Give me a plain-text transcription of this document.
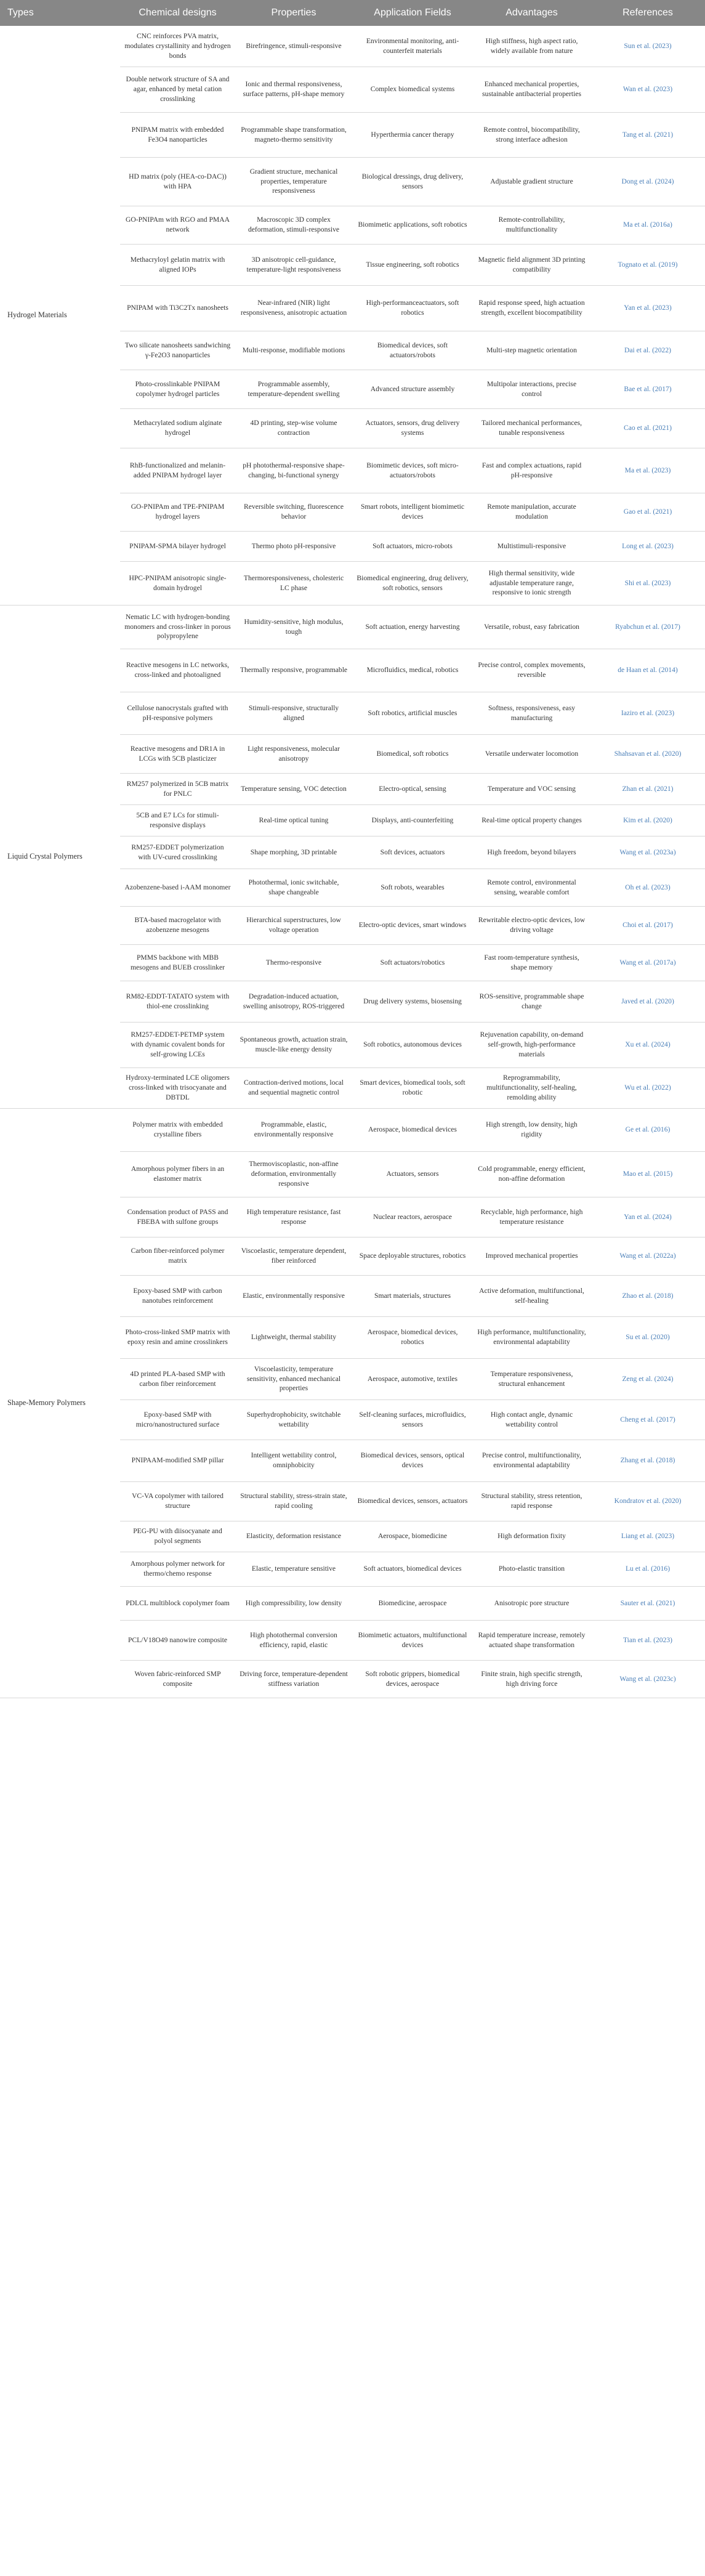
Types	Chemical designs	Properties	Application Fields	Advantages	References
Hydrogel Materials	CNC reinforces PVA matrix, modulates crystallinity and hydrogen bonds	Birefringence, stimuli-responsive	Environmental monitoring, anti-counterfeit materials	High stiffness, high aspect ratio, widely available from nature	Sun et al. (2023)
	Double network structure of SA and agar, enhanced by metal cation crosslinking	Ionic and thermal responsiveness, surface patterns, pH-shape memory	Complex biomedical systems	Enhanced mechanical properties, sustainable antibacterial properties	Wan et al. (2023)
	PNIPAM matrix with embedded Fe3O4 nanoparticles	Programmable shape transformation, magneto-thermo sensitivity	Hyperthermia cancer therapy	Remote control, biocompatibility, strong interface adhesion	Tang et al. (2021)
	HD matrix (poly (HEA-co-DAC)) with HPA	Gradient structure, mechanical properties, temperature responsiveness	Biological dressings, drug delivery, sensors	Adjustable gradient structure	Dong et al. (2024)
	GO-PNIPAm with RGO and PMAA network	Macroscopic 3D complex deformation, stimuli-responsive	Biomimetic applications, soft robotics	Remote-controllability, multifunctionality	Ma et al. (2016a)
	Methacryloyl gelatin matrix with aligned IOPs	3D anisotropic cell-guidance, temperature-light responsiveness	Tissue engineering, soft robotics	Magnetic field alignment 3D printing compatibility	Tognato et al. (2019)
	PNIPAM with Ti3C2Tx nanosheets	Near-infrared (NIR) light responsiveness, anisotropic actuation	High-performanceactuators, soft robotics	Rapid response speed, high actuation strength, excellent biocompatibility	Yan et al. (2023)
	Two silicate nanosheets sandwiching γ-Fe2O3 nanoparticles	Multi-response, modifiable motions	Biomedical devices, soft actuators/robots	Multi-step magnetic orientation	Dai et al. (2022)
	Photo-crosslinkable PNIPAM copolymer hydrogel particles	Programmable assembly, temperature-dependent swelling	Advanced structure assembly	Multipolar interactions, precise control	Bae et al. (2017)
	Methacrylated sodium alginate hydrogel	4D printing, step-wise volume contraction	Actuators, sensors, drug delivery systems	Tailored mechanical performances, tunable responsiveness	Cao et al. (2021)
	RhB-functionalized and melanin-added PNIPAM hydrogel layer	pH photothermal-responsive shape-changing, bi-functional synergy	Biomimetic devices, soft micro-actuators/robots	Fast and complex actuations, rapid pH-responsive	Ma et al. (2023)
	GO-PNIPAm and TPE-PNIPAM hydrogel layers	Reversible switching, fluorescence behavior	Smart robots, intelligent biomimetic devices	Remote manipulation, accurate modulation	Gao et al. (2021)
	PNIPAM-SPMA bilayer hydrogel	Thermo photo pH-responsive	Soft actuators, micro-robots	Multistimuli-responsive	Long et al. (2023)
	HPC-PNIPAM anisotropic single-domain hydrogel	Thermoresponsiveness, cholesteric LC phase	Biomedical engineering, drug delivery, soft robotics, sensors	High thermal sensitivity, wide adjustable temperature range, responsive to ionic strength	Shi et al. (2023)
Liquid Crystal Polymers	Nematic LC with hydrogen-bonding monomers and cross-linker in porous polypropylene	Humidity-sensitive, high modulus, tough	Soft actuation, energy harvesting	Versatile, robust, easy fabrication	Ryabchun et al. (2017)
	Reactive mesogens in LC networks, cross-linked and photoaligned	Thermally responsive, programmable	Microfluidics, medical, robotics	Precise control, complex movements, reversible	de Haan et al. (2014)
	Cellulose nanocrystals grafted with pH-responsive polymers	Stimuli-responsive, structurally aligned	Soft robotics, artificial muscles	Softness, responsiveness, easy manufacturing	Iaziro et al. (2023)
	Reactive mesogens and DR1A in LCGs with 5CB plasticizer	Light responsiveness, molecular anisotropy	Biomedical, soft robotics	Versatile underwater locomotion	Shahsavan et al. (2020)
	RM257 polymerized in 5CB matrix for PNLC	Temperature sensing, VOC detection	Electro-optical, sensing	Temperature and VOC sensing	Zhan et al. (2021)
	5CB and E7 LCs for stimuli-responsive displays	Real-time optical tuning	Displays, anti-counterfeiting	Real-time optical property changes	Kim et al. (2020)
	RM257-EDDET polymerization with UV-cured crosslinking	Shape morphing, 3D printable	Soft devices, actuators	High freedom, beyond bilayers	Wang et al. (2023a)
	Azobenzene-based i-AAM monomer	Photothermal, ionic switchable, shape changeable	Soft robots, wearables	Remote control, environmental sensing, wearable comfort	Oh et al. (2023)
	BTA-based macrogelator with azobenzene mesogens	Hierarchical superstructures, low voltage operation	Electro-optic devices, smart windows	Rewritable electro-optic devices, low driving voltage	Choi et al. (2017)
	PMMS backbone with MBB mesogens and BUEB crosslinker	Thermo-responsive	Soft actuators/robotics	Fast room-temperature synthesis, shape memory	Wang et al. (2017a)
	RM82-EDDT-TATATO system with thiol-ene crosslinking	Degradation-induced actuation, swelling anisotropy, ROS-triggered	Drug delivery systems, biosensing	ROS-sensitive, programmable shape change	Javed et al. (2020)
	RM257-EDDET-PETMP system with dynamic covalent bonds for self-growing LCEs	Spontaneous growth, actuation strain, muscle-like energy density	Soft robotics, autonomous devices	Rejuvenation capability, on-demand self-growth, high-performance materials	Xu et al. (2024)
	Hydroxy-terminated LCE oligomers cross-linked with trisocyanate and DBTDL	Contraction-derived motions, local and sequential magnetic control	Smart devices, biomedical tools, soft robotic	Reprogrammability, multifunctionality, self-healing, remolding ability	Wu et al. (2022)
Shape-Memory Polymers	Polymer matrix with embedded crystalline fibers	Programmable, elastic, environmentally responsive	Aerospace, biomedical devices	High strength, low density, high rigidity	Ge et al. (2016)
	Amorphous polymer fibers in an elastomer matrix	Thermoviscoplastic, non-affine deformation, environmentally responsive	Actuators, sensors	Cold programmable, energy efficient, non-affine deformation	Mao et al. (2015)
	Condensation product of PASS and FBEBA with sulfone groups	High temperature resistance, fast response	Nuclear reactors, aerospace	Recyclable, high performance, high temperature resistance	Yan et al. (2024)
	Carbon fiber-reinforced polymer matrix	Viscoelastic, temperature dependent, fiber reinforced	Space deployable structures, robotics	Improved mechanical properties	Wang et al. (2022a)
	Epoxy-based SMP with carbon nanotubes reinforcement	Elastic, environmentally responsive	Smart materials, structures	Active deformation, multifunctional, self-healing	Zhao et al. (2018)
	Photo-cross-linked SMP matrix with epoxy resin and amine crosslinkers	Lightweight, thermal stability	Aerospace, biomedical devices, robotics	High performance, multifunctionality, environmental adaptability	Su et al. (2020)
	4D printed PLA-based SMP with carbon fiber reinforcement	Viscoelasticity, temperature sensitivity, enhanced mechanical properties	Aerospace, automotive, textiles	Temperature responsiveness, structural enhancement	Zeng et al. (2024)
	Epoxy-based SMP with micro/nanostructured surface	Superhydrophobicity, switchable wettability	Self-cleaning surfaces, microfluidics, sensors	High contact angle, dynamic wettability control	Cheng et al. (2017)
	PNIPAAM-modified SMP pillar	Intelligent wettability control, omniphobicity	Biomedical devices, sensors, optical devices	Precise control, multifunctionality, environmental adaptability	Zhang et al. (2018)
	VC-VA copolymer with tailored structure	Structural stability, stress-strain state, rapid cooling	Biomedical devices, sensors, actuators	Structural stability, stress retention, rapid response	Kondratov et al. (2020)
	PEG-PU with diisocyanate and polyol segments	Elasticity, deformation resistance	Aerospace, biomedicine	High deformation fixity	Liang et al. (2023)
	Amorphous polymer network for thermo/chemo response	Elastic, temperature sensitive	Soft actuators, biomedical devices	Photo-elastic transition	Lu et al. (2016)
	PDLCL multiblock copolymer foam	High compressibility, low density	Biomedicine, aerospace	Anisotropic pore structure	Sauter et al. (2021)
	PCL/V18O49 nanowire composite	High photothermal conversion efficiency, rapid, elastic	Biomimetic actuators, multifunctional devices	Rapid temperature increase, remotely actuated shape transformation	Tian et al. (2023)
	Woven fabric-reinforced SMP composite	Driving force, temperature-dependent stiffness variation	Soft robotic grippers, biomedical devices, aerospace	Finite strain, high specific strength, high driving force	Wang et al. (2023c)
